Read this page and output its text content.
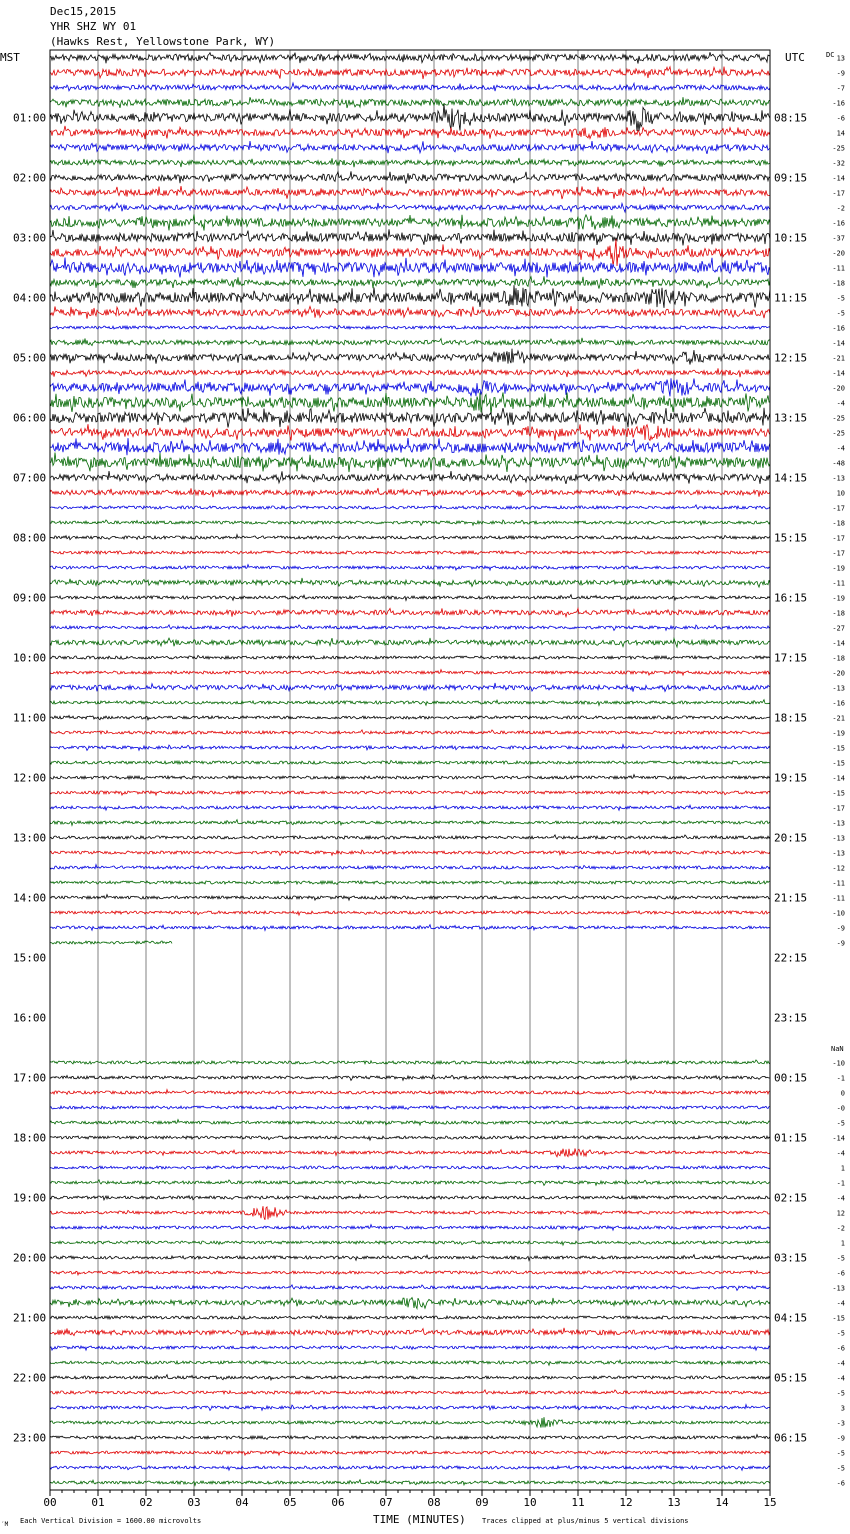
Dec15,2015
YHR SHZ WY 01
(Hawks Rest, Yellowstone Park, WY)
MST	UTC	DC
NaN
01:00	08:15
02:00	09:15
03:00	10:15
04:00	11:15
05:00	12:15
06:00	13:15
07:00	14:15
08:00	15:15
09:00	16:15
10:00	17:15
11:00	18:15
12:00	19:15
13:00	20:15
14:00	21:15
15:00	22:15
16:00	23:15
17:00	00:15
18:00	01:15
19:00	02:15
20:00	03:15
21:00	04:15
22:00	05:15
23:00	06:15
13
-9
-7
-16
-6
14
-25
-32
-14
-17
-2
-16
-37
-20
-11
-18
-5
-5
-16
-14
-21
-14
-20
-4
-25
-25
-4
-48
-13
10
-17
-18
-17
-17
-19
-11
-19
-18
-27
-14
-18
-20
-13
-16
-21
-19
-15
-15
-14
-15
-17
-13
-13
-13
-12
-11
-11
-10
-9
-9
-10
-1
0
-0
-5
-14
-4
1
-1
-4
12
-2
1
-5
-6
-13
-4
-15
-5
-6
-4
-4
-5
3
-3
-9
-5
-5
-6
00	01	02	03	04	05	06	07	08	09	10	11	12	13	14	15
TIME (MINUTES)
Each Vertical Division = 1600.00 microvolts	Traces clipped at plus/minus 5 vertical divisions
′M
